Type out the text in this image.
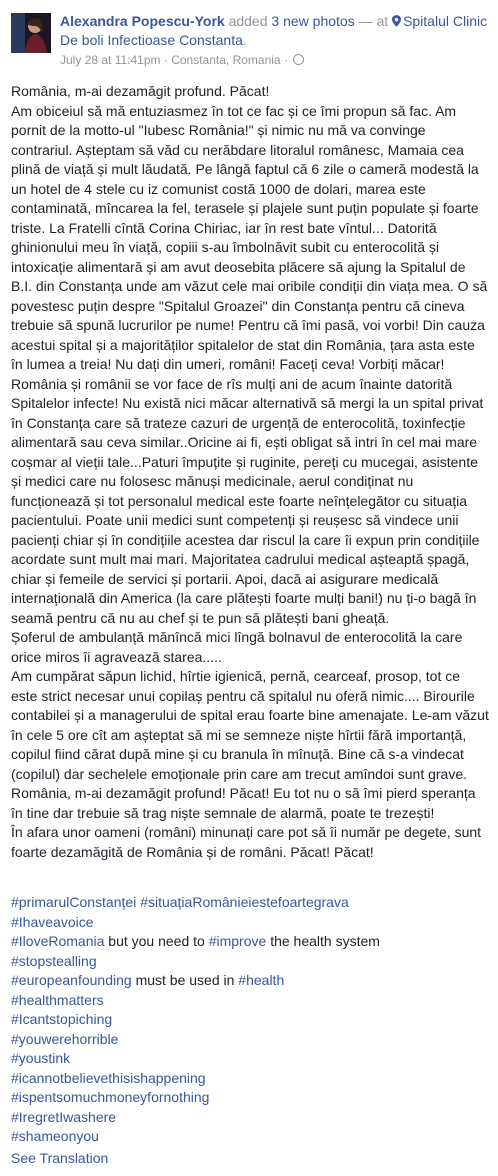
Alexandra Popescu-York added 3 new photos — at Spitalul Clinic De boli Infectioase Constanta.
July 28 at 11:41pm · Constanta, Romania ·

România, m-ai dezamăgit profund. Păcat!

Am obiceiul să mă entuziasmez în tot ce fac și ce îmi propun să fac. Am pornit de la motto-ul "Iubesc România!" și nimic nu mă va convinge contrariul. Așteptam să văd cu nerăbdare litoralul românesc, Mamaia cea plină de viață și mult lăudată. Pe lângă faptul că 6 zile o cameră modestă la un hotel de 4 stele cu iz comunist costă 1000 de dolari, marea este contaminată, mîncarea la fel, terasele și plajele sunt puțin populate și foarte triste. La Fratelli cîntă Corina Chiriac, iar în rest bate vîntul... Datorită ghinionului meu în viață, copiii s-au îmbolnăvit subit cu enterocolită și intoxicație alimentară și am avut deosebita plăcere să ajung la Spitalul de B.I. din Constanța unde am văzut cele mai oribile condiții din viața mea. O să povestesc puțin despre "Spitalul Groazei" din Constanța pentru că cineva trebuie să spună lucrurilor pe nume! Pentru că îmi pasă, voi vorbi! Din cauza acestui spital și a majorităților spitalelor de stat din România, țara asta este în lumea a treia! Nu dați din umeri, români! Faceți ceva! Vorbiți măcar! România și românii se vor face de rîs mulți ani de acum înainte datorită Spitalelor infecte! Nu există nici măcar alternativă să mergi la un spital privat în Constanța care să trateze cazuri de urgență de enterocolită, toxinfecție alimentară sau ceva similar..Oricine ai fi, ești obligat să intri în cel mai mare coșmar al vieții tale...Paturi împuțite și ruginite, pereți cu mucegai, asistente și medici care nu folosesc mănuși medicinale, aerul condiținat nu funcționează și tot personalul medical este foarte neînțelegător cu situația pacientului. Poate unii medici sunt competenți și reușesc să vindece unii pacienți chiar și în condițiile acestea dar riscul la care îi expun prin condițiile acordate sunt mult mai mari. Majoritatea cadrului medical așteaptă șpagă, chiar și femeile de servici și portarii. Apoi, dacă ai asigurare medicală internațională din America (la care plătești foarte mulți bani!) nu ți-o bagă în seamă pentru că nu au chef și te pun să plătești bani gheață.

Șoferul de ambulanță mănîncă mici lîngă bolnavul de enterocolită la care orice miros îi agravează starea.....

Am cumpărat săpun lichid, hîrtie igienică, pernă, cearceaf, prosop, tot ce este strict necesar unui copilaș pentru că spitalul nu oferă nimic.... Birourile contabilei și a managerului de spital erau foarte bine amenajate. Le-am văzut în cele 5 ore cît am așteptat să mi se semneze niște hîrtii fără importanță, copilul fiind cărat după mine și cu branula în mînuță. Bine că s-a vindecat (copilul) dar sechelele emoționale prin care am trecut amîndoi sunt grave.

România, m-ai dezamăgit profund! Păcat! Eu tot nu o să îmi pierd speranța în tine dar trebuie să trag niște semnale de alarmă, poate te trezești!

În afara unor oameni (români) minunați care pot să îi număr pe degete, sunt foarte dezamăgită de România și de români. Păcat! Păcat!

#primarulConstanței #situațiaRomânieiestefoartegrava
#Ihaveavoice
#IloveRomania but you need to #improve the health system
#stopstealling
#europeanfounding must be used in #health
#healthmatters
#Icantstopiching
#youwerehorrible
#youstink
#icannotbelievethisishappening
#ispentsomuchmoneyfornothing
#IregretIwashere
#shameonyou
See Translation
